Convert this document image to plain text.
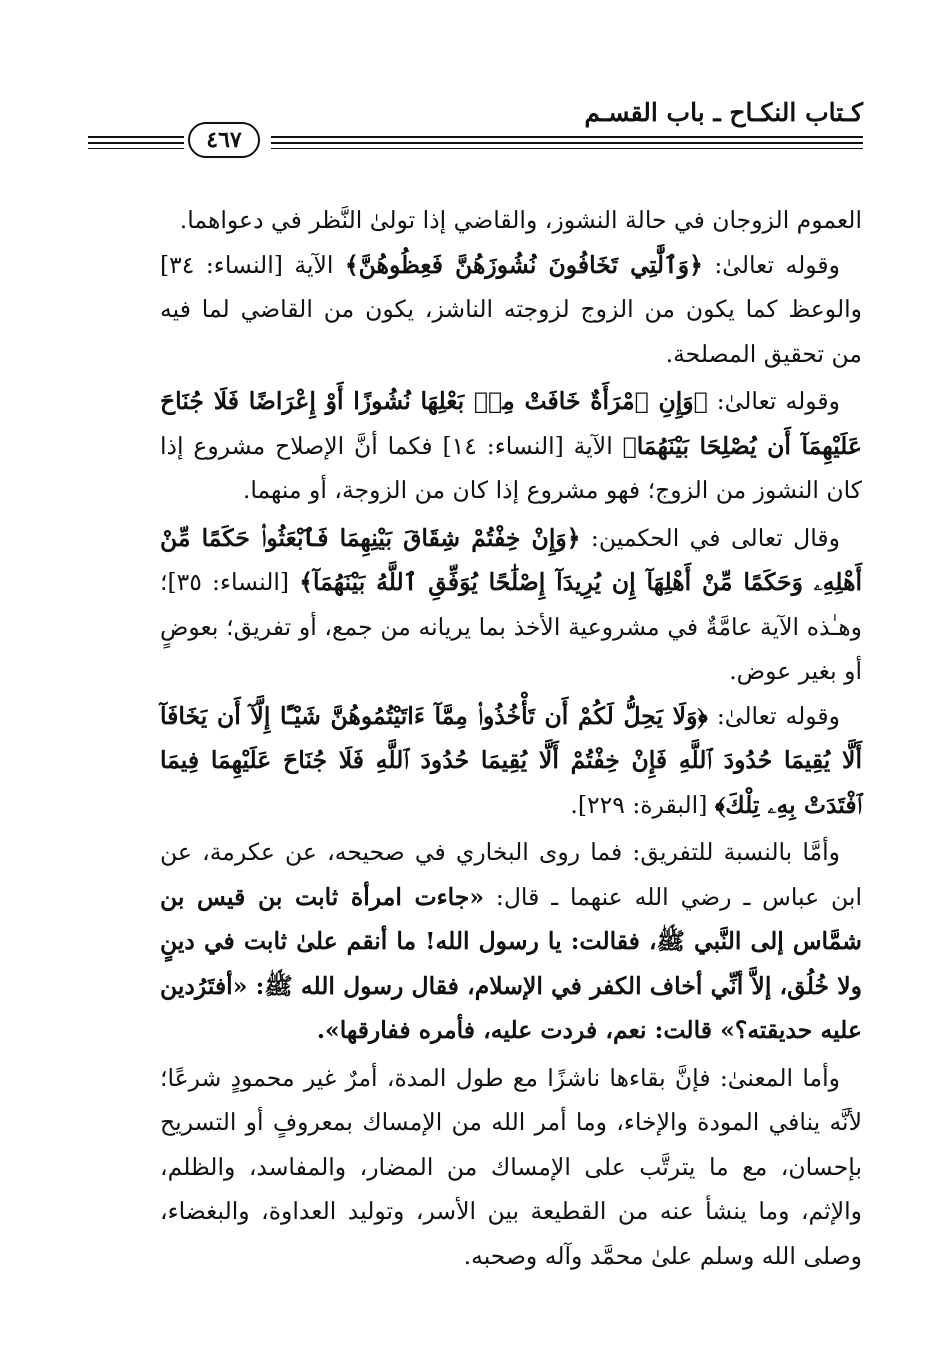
كـتاب النكـاح ـ باب القسـم
٤٦٧

العموم الزوجان في حالة النشوز، والقاضي إذا تولىٰ النَّظر في دعواهما.

وقوله تعالىٰ: ﴿وَٱلَّٰتِي تَخَافُونَ نُشُوزَهُنَّ فَعِظُوهُنَّ﴾ الآية [النساء: ٣٤] والوعظ كما يكون من الزوج لزوجته الناشز، يكون من القاضي لما فيه من تحقيق المصلحة.

وقوله تعالىٰ: ﴿وَإِنِ ٱمْرَأَةٌ خَافَتْ مِنۢ بَعْلِهَا نُشُوزًا أَوْ إِعْرَاضًا فَلَا جُنَاحَ عَلَيْهِمَآ أَن يُصْلِحَا بَيْنَهُمَا﴾ الآية [النساء: ١٤] فكما أنَّ الإصلاح مشروع إذا كان النشوز من الزوج؛ فهو مشروع إذا كان من الزوجة، أو منهما.

وقال تعالى في الحكمين: ﴿وَإِنْ خِفْتُمْ شِقَاقَ بَيْنِهِمَا فَٱبْعَثُوا۟ حَكَمًا مِّنْ أَهْلِهِۦ وَحَكَمًا مِّنْ أَهْلِهَآ إِن يُرِيدَآ إِصْلَٰحًا يُوَفِّقِ ٱللَّهُ بَيْنَهُمَآ﴾ [النساء: ٣٥]؛ وهـٰذه الآية عامَّةٌ في مشروعية الأخذ بما يريانه من جمع، أو تفريق؛ بعوضٍ أو بغير عوض.

وقوله تعالىٰ: ﴿وَلَا يَحِلُّ لَكُمْ أَن تَأْخُذُوا۟ مِمَّآ ءَاتَيْتُمُوهُنَّ شَيْـًٔا إِلَّآ أَن يَخَافَآ أَلَّا يُقِيمَا حُدُودَ ٱللَّهِ فَإِنْ خِفْتُمْ أَلَّا يُقِيمَا حُدُودَ ٱللَّهِ فَلَا جُنَاحَ عَلَيْهِمَا فِيمَا ٱفْتَدَتْ بِهِۦ تِلْكَ﴾ [البقرة: ٢٢٩].

وأمَّا بالنسبة للتفريق: فما روى البخاري في صحيحه، عن عكرمة، عن ابن عباس ـ رضي الله عنهما ـ قال: «جاءت امرأة ثابت بن قيس بن شمَّاس إلى النَّبي ﷺ، فقالت: يا رسول الله! ما أنقم علىٰ ثابت في دينٍ ولا خُلُق، إلاَّ أنِّي أخاف الكفر في الإسلام، فقال رسول الله ﷺ: «أفتَرُدين عليه حديقته؟» قالت: نعم، فردت عليه، فأمره ففارقها».

وأما المعنىٰ: فإنَّ بقاءها ناشزًا مع طول المدة، أمرٌ غير محمودٍ شرعًا؛ لأنَّه ينافي المودة والإخاء، وما أمر الله من الإمساك بمعروفٍ أو التسريح بإحسان، مع ما يترتَّب على الإمساك من المضار، والمفاسد، والظلم، والإثم، وما ينشأ عنه من القطيعة بين الأسر، وتوليد العداوة، والبغضاء، وصلى الله وسلم علىٰ محمَّد وآله وصحبه.
